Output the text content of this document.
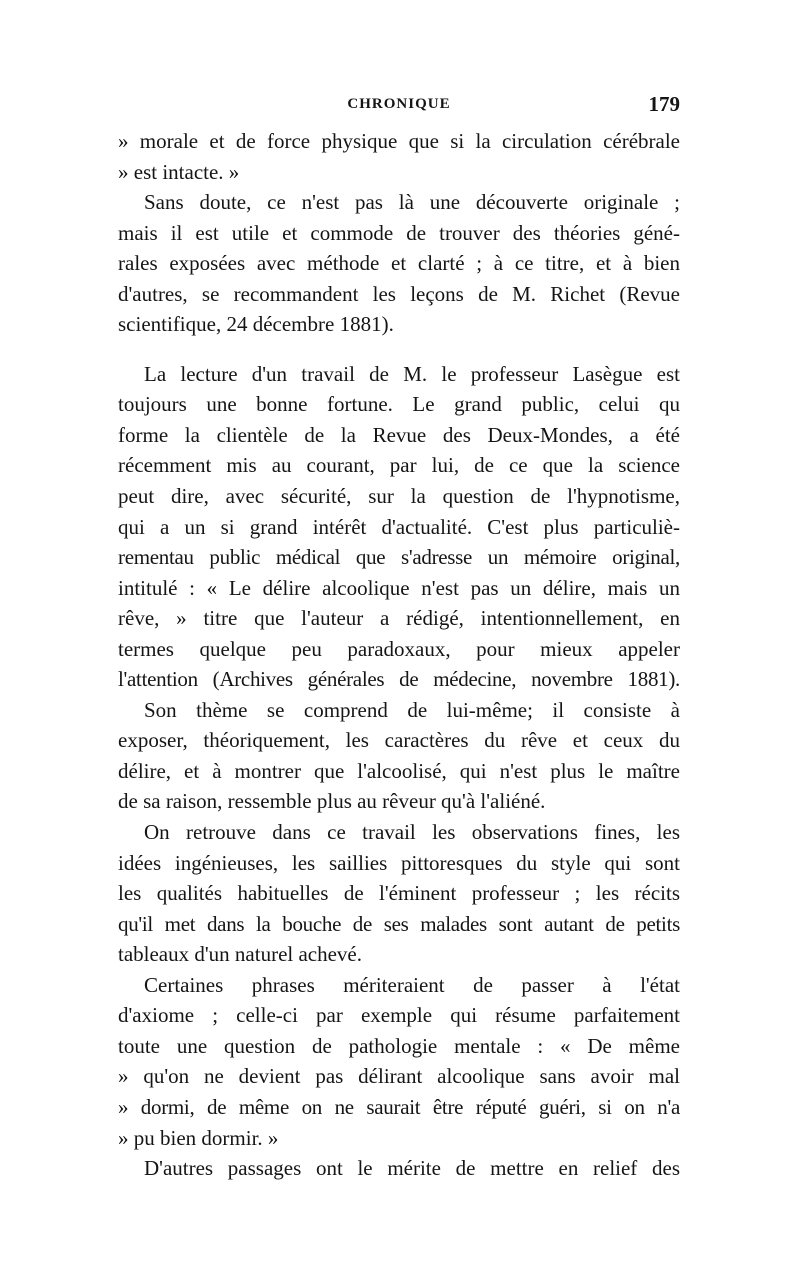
CHRONIQUE	179
» morale et de force physique que si la circulation cérébrale
» est intacte. »
Sans doute, ce n'est pas là une découverte originale ;
mais il est utile et commode de trouver des théories géné-
rales exposées avec méthode et clarté ; à ce titre, et à bien
d'autres, se recommandent les leçons de M. Richet (Revue
scientifique, 24 décembre 1881).
La lecture d'un travail de M. le professeur Lasègue est
toujours une bonne fortune. Le grand public, celui qu
forme la clientèle de la Revue des Deux-Mondes, a été
récemment mis au courant, par lui, de ce que la science
peut dire, avec sécurité, sur la question de l'hypnotisme,
qui a un si grand intérêt d'actualité. C'est plus particuliè-
rementau public médical que s'adresse un mémoire original,
intitulé : « Le délire alcoolique n'est pas un délire, mais un
rêve, » titre que l'auteur a rédigé, intentionnellement, en
termes quelque peu paradoxaux, pour mieux appeler
l'attention (Archives générales de médecine, novembre 1881).
Son thème se comprend de lui-même; il consiste à
exposer, théoriquement, les caractères du rêve et ceux du
délire, et à montrer que l'alcoolisé, qui n'est plus le maître
de sa raison, ressemble plus au rêveur qu'à l'aliéné.
On retrouve dans ce travail les observations fines, les
idées ingénieuses, les saillies pittoresques du style qui sont
les qualités habituelles de l'éminent professeur ; les récits
qu'il met dans la bouche de ses malades sont autant de petits
tableaux d'un naturel achevé.
Certaines phrases mériteraient de passer à l'état
d'axiome ; celle-ci par exemple qui résume parfaitement
toute une question de pathologie mentale : « De même
» qu'on ne devient pas délirant alcoolique sans avoir mal
» dormi, de même on ne saurait être réputé guéri, si on n'a
» pu bien dormir. »
D'autres passages ont le mérite de mettre en relief des
